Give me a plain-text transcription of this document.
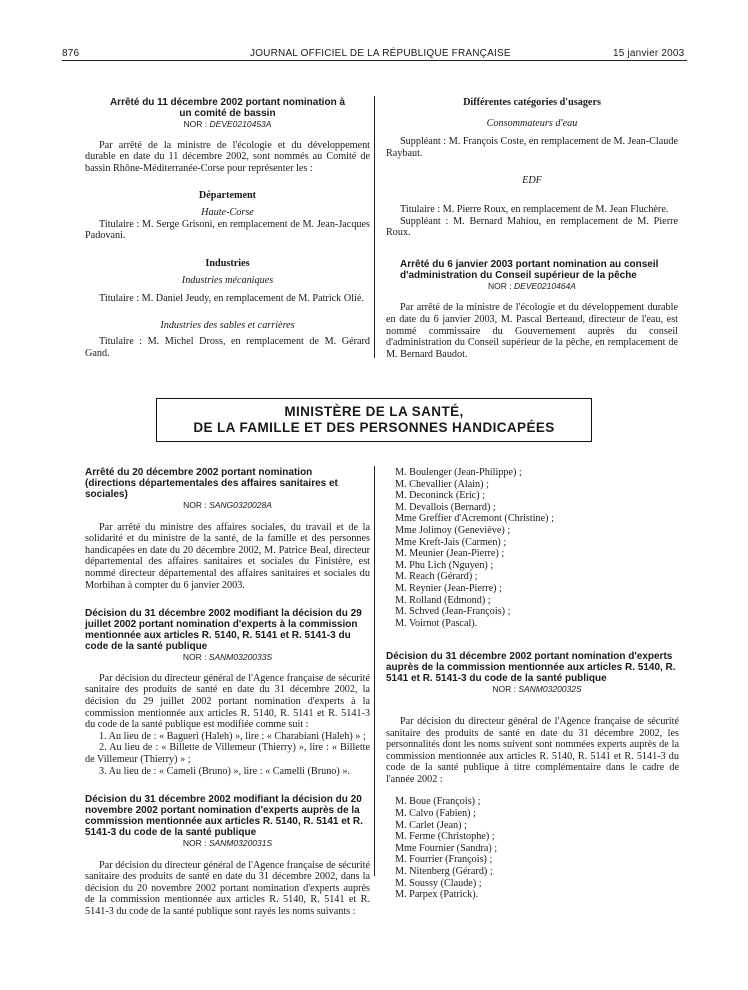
876	JOURNAL OFFICIEL DE LA RÉPUBLIQUE FRANÇAISE	15 janvier 2003

Arrêté du 11 décembre 2002 portant nomination à un comité de bassin

NOR : DEVE0210453A

Par arrêté de la ministre de l'écologie et du développement durable en date du 11 décembre 2002, sont nommés au Comité de bassin Rhône-Méditerranée-Corse pour représenter les :

Département

Haute-Corse

Titulaire : M. Serge Grisoni, en remplacement de M. Jean-Jacques Padovani.

Industries

Industries mécaniques

Titulaire : M. Daniel Jeudy, en remplacement de M. Patrick Olié.

Industries des sables et carrières

Titulaire : M. Michel Dross, en remplacement de M. Gérard Gand.

Différentes catégories d'usagers

Consommateurs d'eau

Suppléant : M. François Coste, en remplacement de M. Jean-Claude Raybaut.

EDF

Titulaire : M. Pierre Roux, en remplacement de M. Jean Fluchère.

Suppléant : M. Bernard Mahiou, en remplacement de M. Pierre Roux.

Arrêté du 6 janvier 2003 portant nomination au conseil d'administration du Conseil supérieur de la pêche

NOR : DEVE0210464A

Par arrêté de la ministre de l'écologie et du développement durable en date du 6 janvier 2003, M. Pascal Berteaud, directeur de l'eau, est nommé commissaire du Gouvernement auprès du conseil d'administration du Conseil supérieur de la pêche, en remplacement de M. Bernard Baudot.

MINISTÈRE DE LA SANTÉ,
DE LA FAMILLE ET DES PERSONNES HANDICAPÉES

Arrêté du 20 décembre 2002 portant nomination (directions départementales des affaires sanitaires et sociales)

NOR : SANG0320028A

Par arrêté du ministre des affaires sociales, du travail et de la solidarité et du ministre de la santé, de la famille et des personnes handicapées en date du 20 décembre 2002, M. Patrice Beal, directeur départemental des affaires sanitaires et sociales du Finistère, est nommé directeur départemental des affaires sanitaires et sociales du Morbihan à compter du 6 janvier 2003.

Décision du 31 décembre 2002 modifiant la décision du 29 juillet 2002 portant nomination d'experts à la commission mentionnée aux articles R. 5140, R. 5141 et R. 5141-3 du code de la santé publique

NOR : SANM0320033S

Par décision du directeur général de l'Agence française de sécurité sanitaire des produits de santé en date du 31 décembre 2002, la décision du 29 juillet 2002 portant nomination d'experts à la commission mentionnée aux articles R. 5140, R. 5141 et R. 5141-3 du code de la santé publique est modifiée comme suit :

1. Au lieu de : « Bagueri (Haleh) », lire : « Charabiani (Haleh) » ;

2. Au lieu de : « Billette de Villemeur (Thierry) », lire : « Billette de Villemeur (Thierry) » ;

3. Au lieu de : « Cameli (Bruno) », lire : « Camelli (Bruno) ».

Décision du 31 décembre 2002 modifiant la décision du 20 novembre 2002 portant nomination d'experts auprès de la commission mentionnée aux articles R. 5140, R. 5141 et R. 5141-3 du code de la santé publique

NOR : SANM0320031S

Par décision du directeur général de l'Agence française de sécurité sanitaire des produits de santé en date du 31 décembre 2002, dans la décision du 20 novembre 2002 portant nomination d'experts auprès de la commission mentionnée aux articles R. 5140, R. 5141 et R. 5141-3 du code de la santé publique sont rayés les noms suivants :

M. Boulenger (Jean-Philippe) ;
M. Chevallier (Alain) ;
M. Deconinck (Eric) ;
M. Devallois (Bernard) ;
Mme Greffier d'Acremont (Christine) ;
Mme Jolimoy (Geneviève) ;
Mme Kreft-Jais (Carmen) ;
M. Meunier (Jean-Pierre) ;
M. Phu Lich (Nguyen) ;
M. Reach (Gérard) ;
M. Reynier (Jean-Pierre) ;
M. Rolland (Edmond) ;
M. Schved (Jean-François) ;
M. Voirnot (Pascal).

Décision du 31 décembre 2002 portant nomination d'experts auprès de la commission mentionnée aux articles R. 5140, R. 5141 et R. 5141-3 du code de la santé publique

NOR : SANM0320032S

Par décision du directeur général de l'Agence française de sécurité sanitaire des produits de santé en date du 31 décembre 2002, les personnalités dont les noms suivent sont nommées experts auprès de la commission mentionnée aux articles R. 5140, R. 5141 et R. 5141-3 du code de la santé publique à titre complémentaire dans le cadre de l'année 2002 :

M. Boue (François) ;
M. Calvo (Fabien) ;
M. Carlet (Jean) ;
M. Ferme (Christophe) ;
Mme Fournier (Sandra) ;
M. Fourrier (François) ;
M. Nitenberg (Gérard) ;
M. Soussy (Claude) ;
M. Parpex (Patrick).
